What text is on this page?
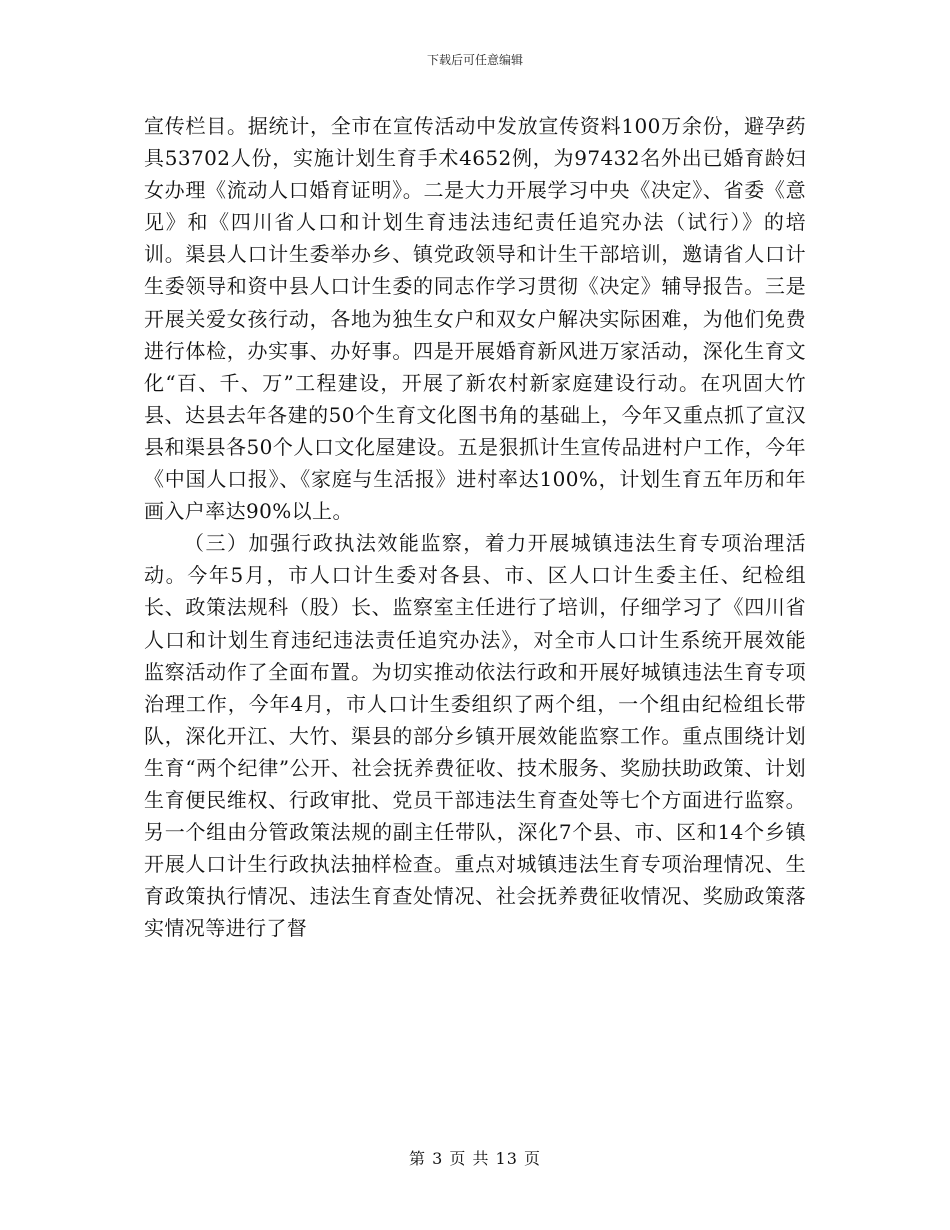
下载后可任意编辑

宣传栏目。据统计，全市在宣传活动中发放宣传资料100万余份，避孕药具53702人份，实施计划生育手术4652例，为97432名外出已婚育龄妇女办理《流动人口婚育证明》。二是大力开展学习中央《决定》、省委《意见》和《四川省人口和计划生育违法违纪责任追究办法（试行）》的培训。渠县人口计生委举办乡、镇党政领导和计生干部培训，邀请省人口计生委领导和资中县人口计生委的同志作学习贯彻《决定》辅导报告。三是开展关爱女孩行动，各地为独生女户和双女户解决实际困难，为他们免费进行体检，办实事、办好事。四是开展婚育新风进万家活动，深化生育文化“百、千、万”工程建设，开展了新农村新家庭建设行动。在巩固大竹县、达县去年各建的50个生育文化图书角的基础上，今年又重点抓了宣汉县和渠县各50个人口文化屋建设。五是狠抓计生宣传品进村户工作，今年《中国人口报》、《家庭与生活报》进村率达100%，计划生育五年历和年画入户率达90%以上。

（三）加强行政执法效能监察，着力开展城镇违法生育专项治理活动。今年5月，市人口计生委对各县、市、区人口计生委主任、纪检组长、政策法规科（股）长、监察室主任进行了培训，仔细学习了《四川省人口和计划生育违纪违法责任追究办法》，对全市人口计生系统开展效能监察活动作了全面布置。为切实推动依法行政和开展好城镇违法生育专项治理工作，今年4月，市人口计生委组织了两个组，一个组由纪检组长带队，深化开江、大竹、渠县的部分乡镇开展效能监察工作。重点围绕计划生育“两个纪律”公开、社会抚养费征收、技术服务、奖励扶助政策、计划生育便民维权、行政审批、党员干部违法生育查处等七个方面进行监察。另一个组由分管政策法规的副主任带队，深化7个县、市、区和14个乡镇开展人口计生行政执法抽样检查。重点对城镇违法生育专项治理情况、生育政策执行情况、违法生育查处情况、社会抚养费征收情况、奖励政策落实情况等进行了督

第 3 页 共 13 页
